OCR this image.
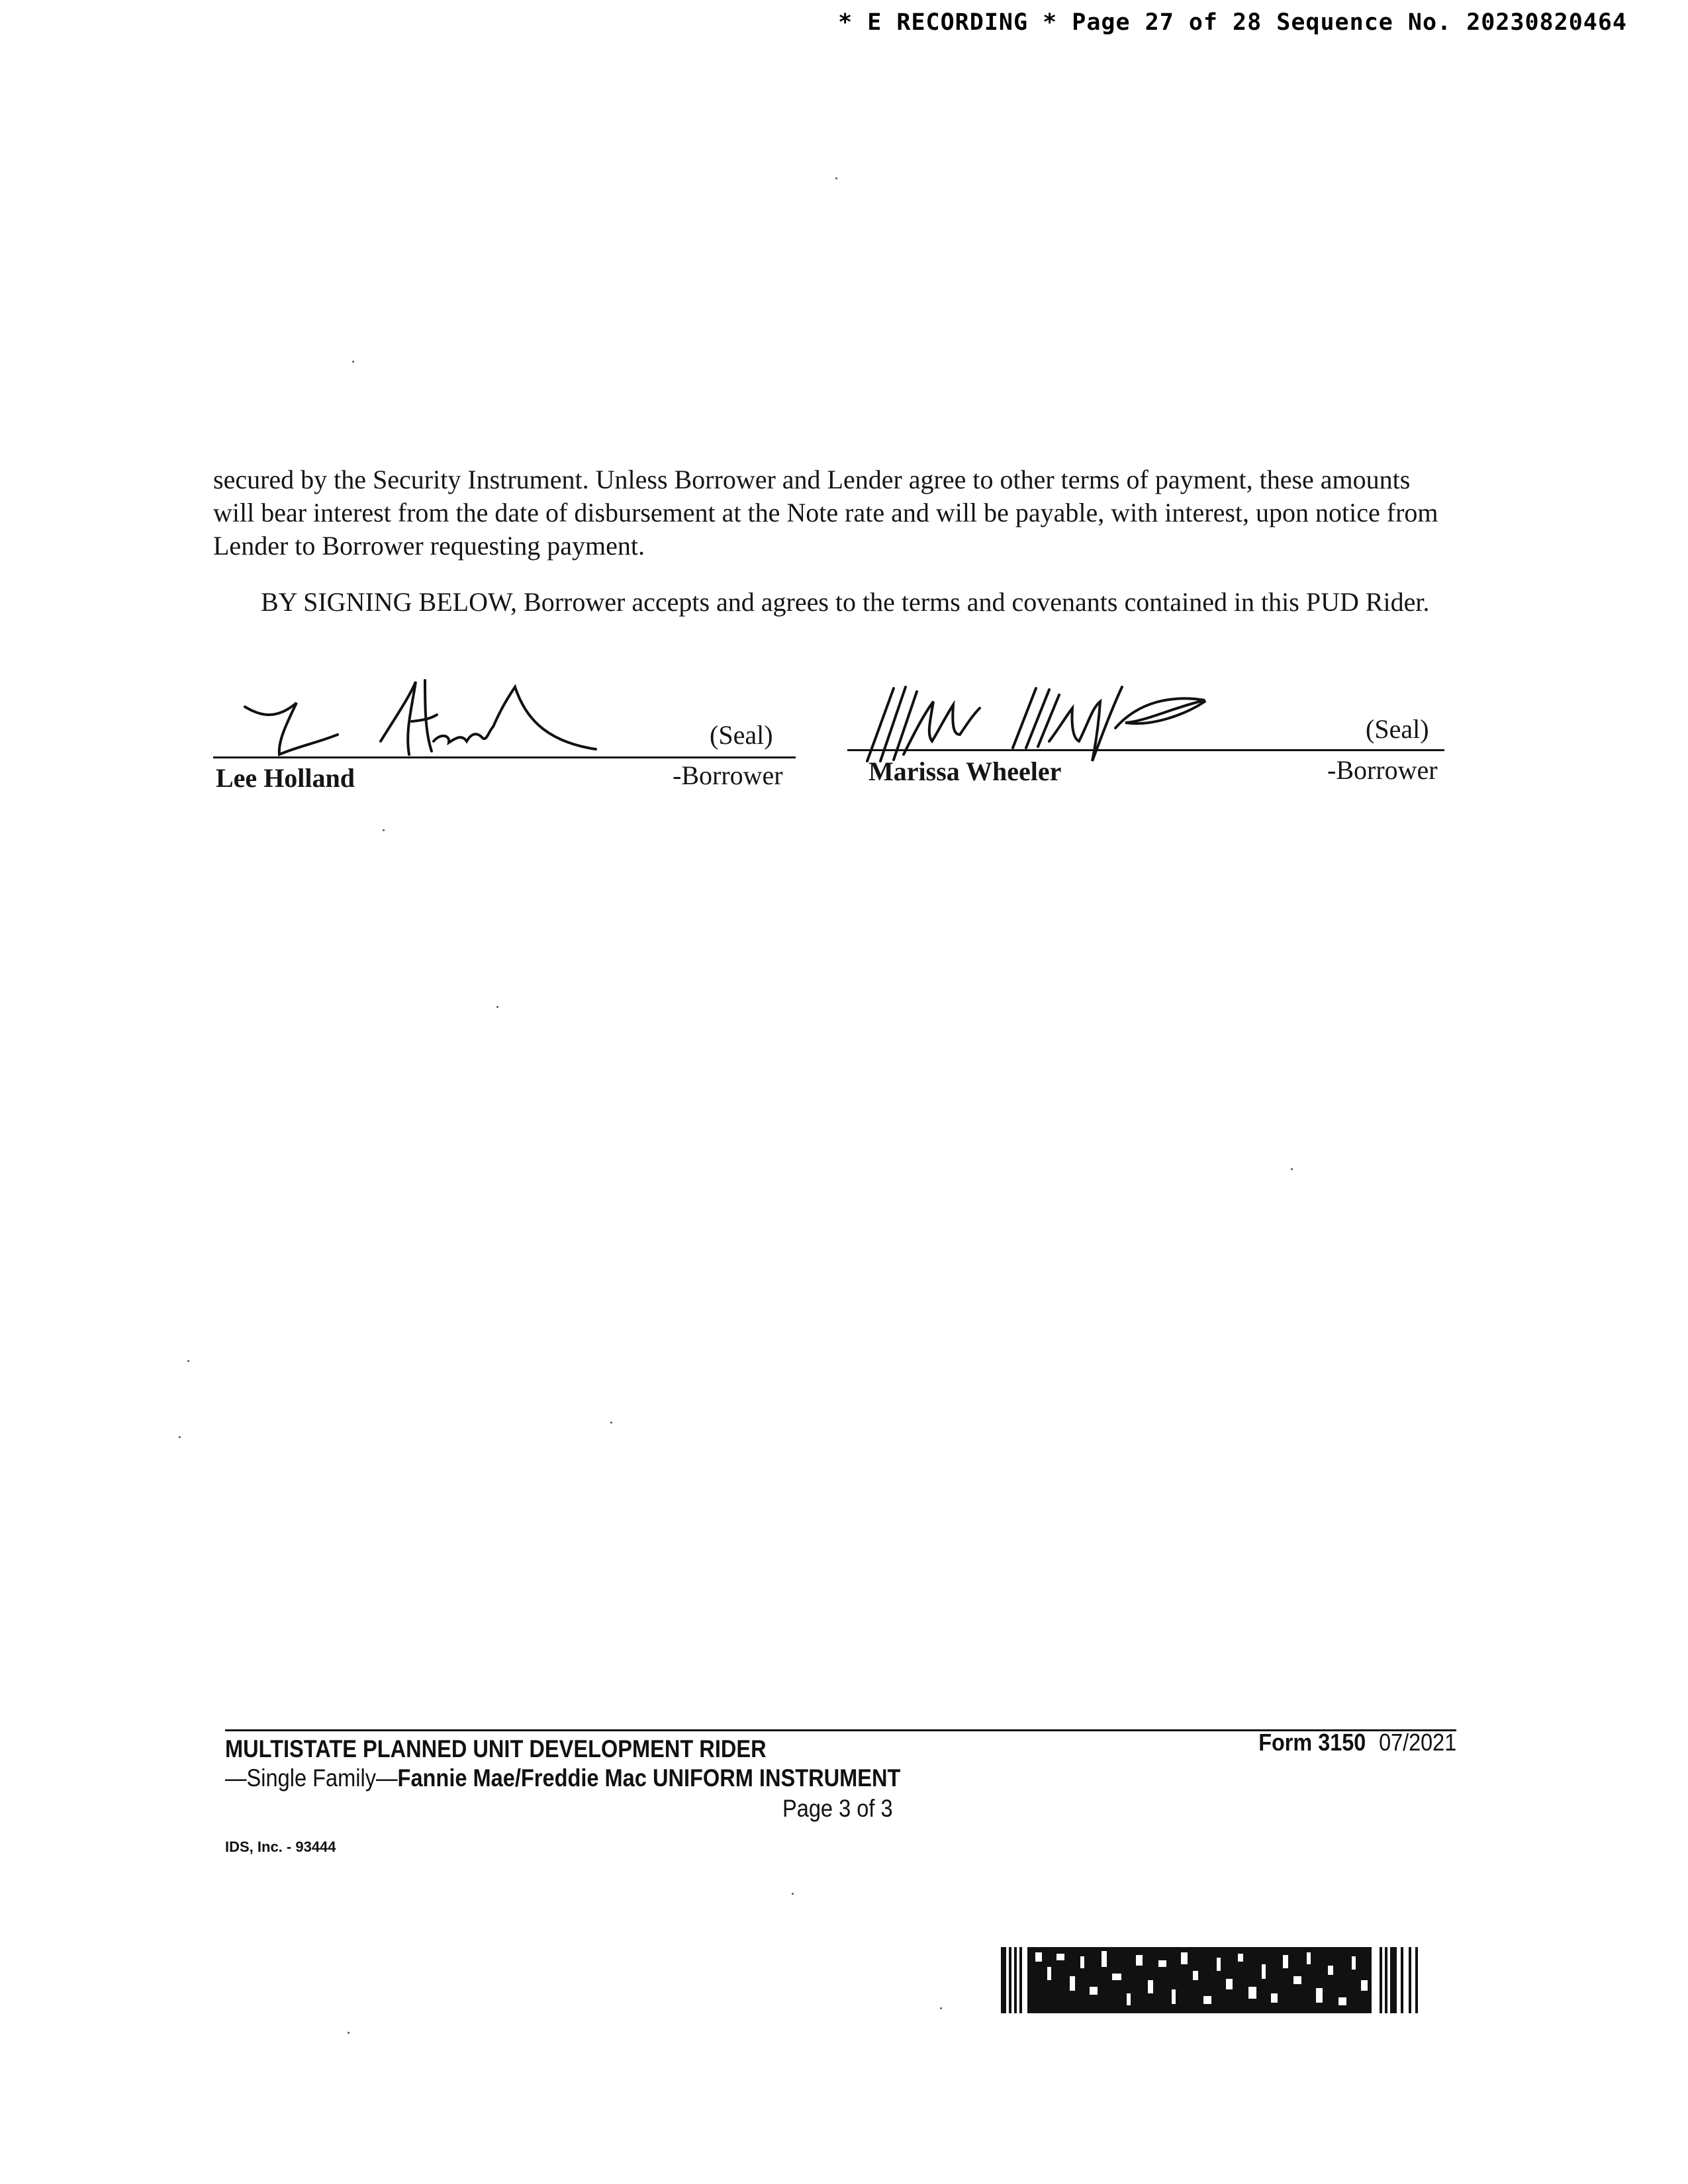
* E RECORDING * Page 27 of 28 Sequence No. 20230820464
secured by the Security Instrument. Unless Borrower and Lender agree to other terms of payment, these amounts will bear interest from the date of disbursement at the Note rate and will be payable, with interest, upon notice from Lender to Borrower requesting payment.
BY SIGNING BELOW, Borrower accepts and agrees to the terms and covenants contained in this PUD Rider.
(Seal)
Lee Holland	-Borrower
(Seal)
Marissa Wheeler	-Borrower
MULTISTATE PLANNED UNIT DEVELOPMENT RIDER
—Single Family—Fannie Mae/Freddie Mac UNIFORM INSTRUMENT
Form 3150 07/2021
Page 3 of 3
IDS, Inc. - 93444
